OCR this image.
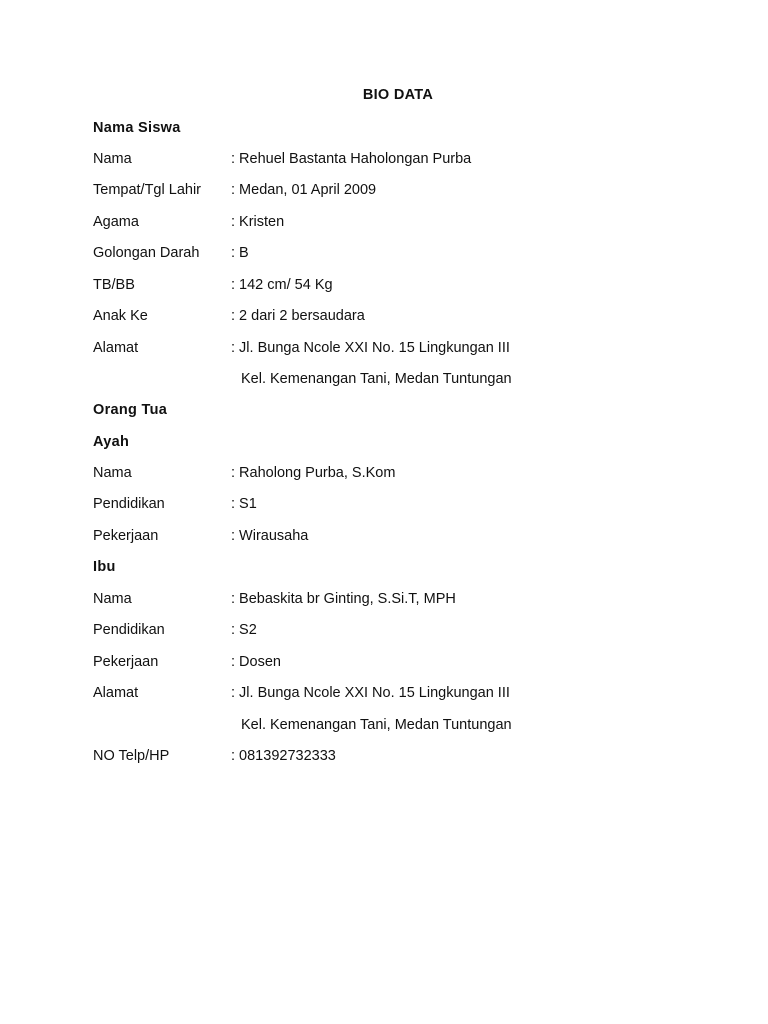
BIO DATA
Nama Siswa
Nama	: Rehuel Bastanta Haholongan Purba
Tempat/Tgl Lahir : Medan, 01 April 2009
Agama	: Kristen
Golongan Darah : B
TB/BB	: 142 cm/ 54 Kg
Anak Ke	: 2 dari 2 bersaudara
Alamat	: Jl. Bunga Ncole XXI No. 15 Lingkungan III
Kel. Kemenangan Tani, Medan Tuntungan
Orang Tua
Ayah
Nama	: Raholong Purba, S.Kom
Pendidikan	: S1
Pekerjaan	: Wirausaha
Ibu
Nama	: Bebaskita br Ginting, S.Si.T, MPH
Pendidikan	: S2
Pekerjaan	: Dosen
Alamat	: Jl. Bunga Ncole XXI No. 15 Lingkungan III
Kel. Kemenangan Tani, Medan Tuntungan
NO Telp/HP	: 081392732333
